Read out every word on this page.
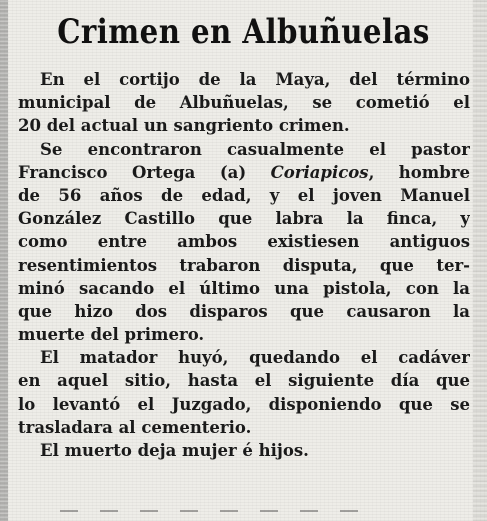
Crimen en Albuñuelas
En el cortijo de la Maya, del término
municipal de Albuñuelas, se cometió el
20 del actual un sangriento crimen.
Se encontraron casualmente el pastor
Francisco Ortega (a) Coriapicos, hombre
de 56 años de edad, y el joven Manuel
González Castillo que labra la finca, y
como entre ambos existiesen antiguos
resentimientos trabaron disputa, que ter-
minó sacando el último una pistola, con la
que hizo dos disparos que causaron la
muerte del primero.
El matador huyó, quedando el cadáver
en aquel sitio, hasta el siguiente día que
lo levantó el Juzgado, disponiendo que se
trasladara al cementerio.
El muerto deja mujer é hijos.
